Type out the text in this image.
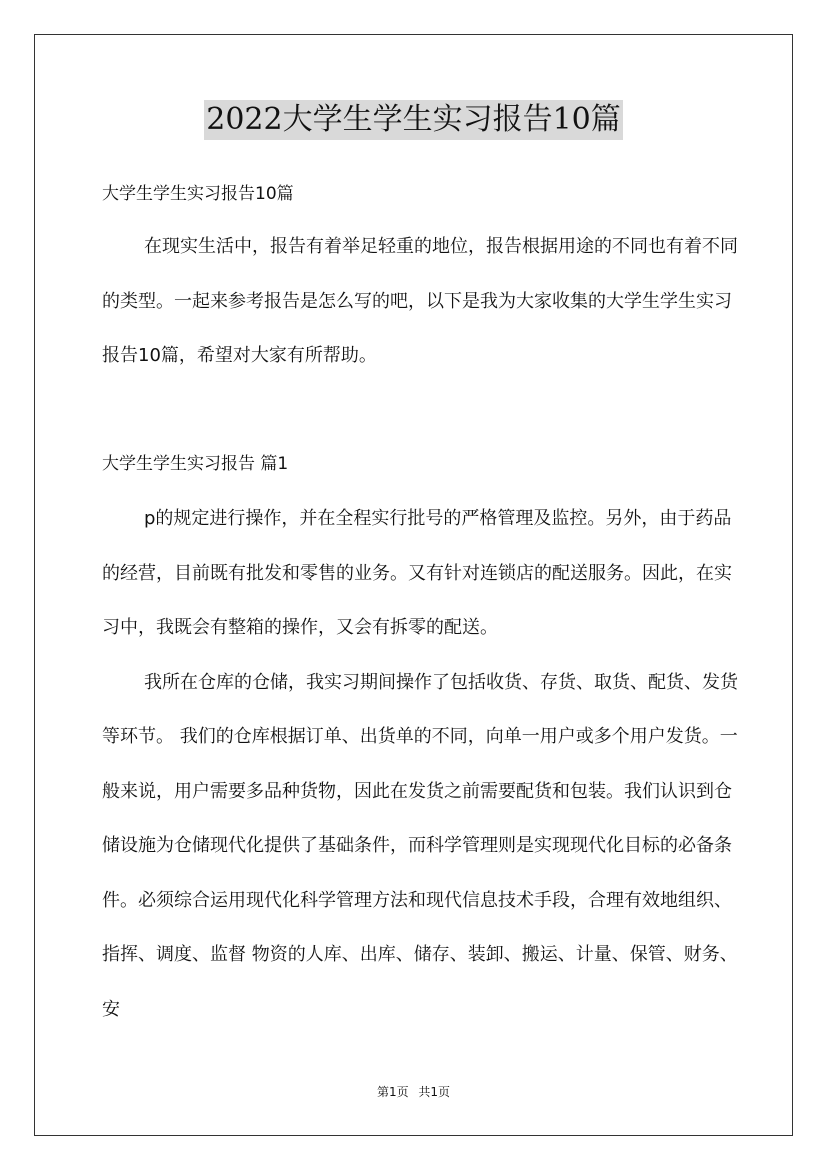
2022大学生学生实习报告10篇
大学生学生实习报告10篇

在现实生活中，报告有着举足轻重的地位，报告根据用途的不同也有着不同的类型。一起来参考报告是怎么写的吧，以下是我为大家收集的大学生学生实习报告10篇，希望对大家有所帮助。

大学生学生实习报告 篇1

p的规定进行操作，并在全程实行批号的严格管理及监控。另外，由于药品的经营，目前既有批发和零售的业务。又有针对连锁店的配送服务。因此，在实习中，我既会有整箱的操作，又会有拆零的配送。

我所在仓库的仓储，我实习期间操作了包括收货、存货、取货、配货、发货等环节。 我们的仓库根据订单、出货单的不同，向单一用户或多个用户发货。一般来说，用户需要多品种货物，因此在发货之前需要配货和包装。我们认识到仓储设施为仓储现代化提供了基础条件，而科学管理则是实现现代化目标的必备条件。必须综合运用现代化科学管理方法和现代信息技术手段，合理有效地组织、指挥、调度、监督 物资的人库、出库、储存、装卸、搬运、计量、保管、财务、安

第1页 共1页
